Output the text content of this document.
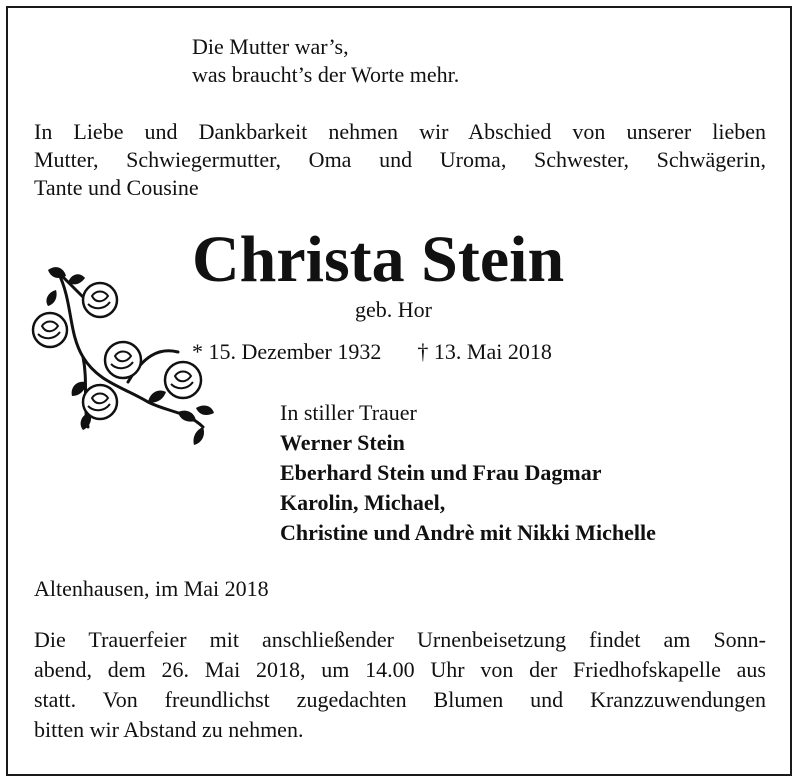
Die Mutter war’s,
was braucht’s der Worte mehr.
In Liebe und Dankbarkeit nehmen wir Abschied von unserer lieben
Mutter, Schwiegermutter, Oma und Uroma, Schwester, Schwägerin,
Tante und Cousine
Christa Stein
geb. Hor
* 15. Dezember 1932 † 13. Mai 2018
In stiller Trauer
Werner Stein
Eberhard Stein und Frau Dagmar
Karolin, Michael,
Christine und Andrè mit Nikki Michelle
Altenhausen, im Mai 2018
Die Trauerfeier mit anschließender Urnenbeisetzung findet am Sonn-
abend, dem 26. Mai 2018, um 14.00 Uhr von der Friedhofskapelle aus
statt. Von freundlichst zugedachten Blumen und Kranzzuwendungen
bitten wir Abstand zu nehmen.
